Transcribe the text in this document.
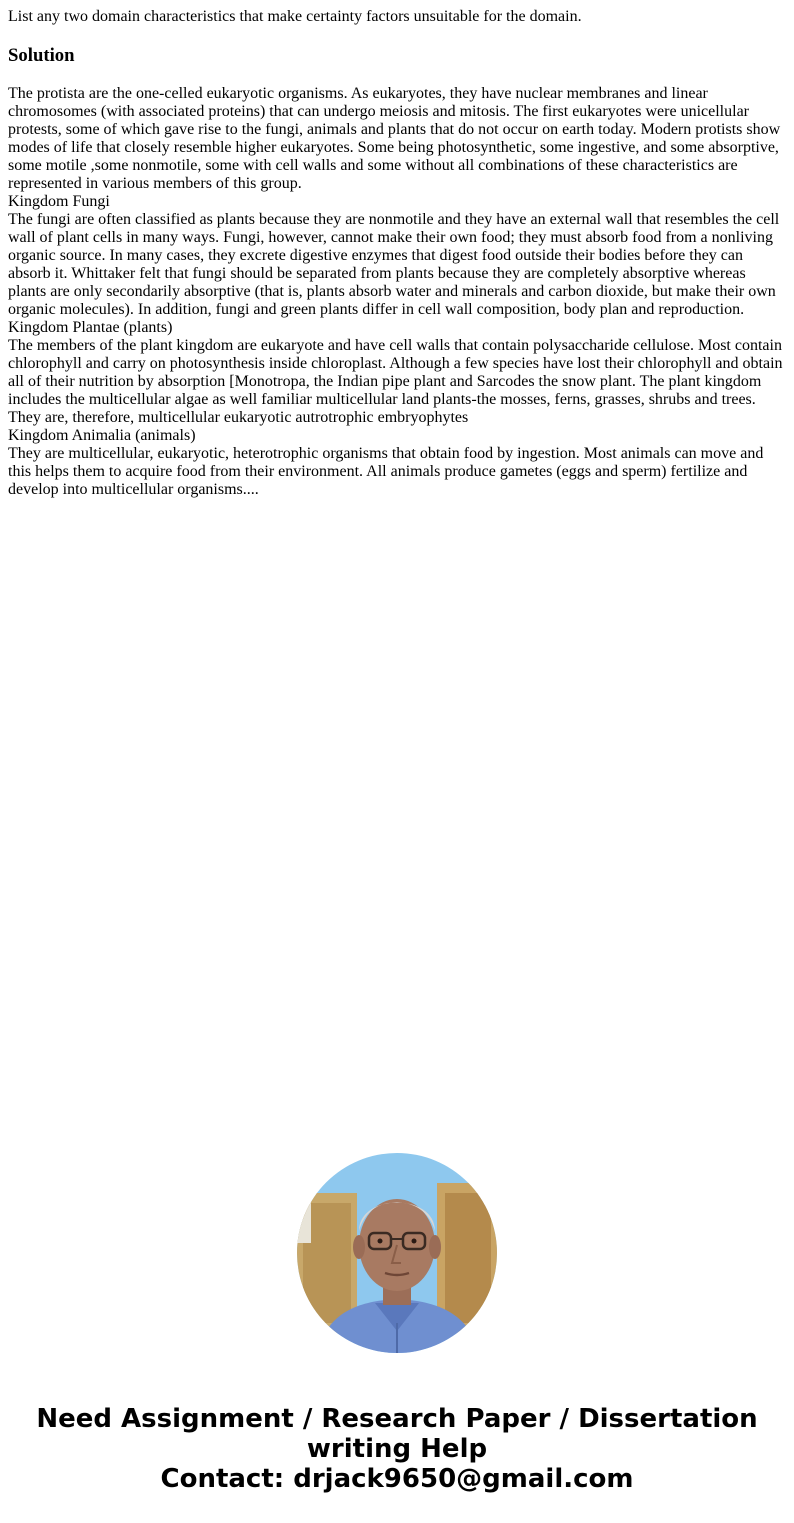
List any two domain characteristics that make certainty factors unsuitable for the domain.

Solution
The protista are the one-celled eukaryotic organisms. As eukaryotes, they have nuclear membranes and linear chromosomes (with associated proteins) that can undergo meiosis and mitosis. The first eukaryotes were unicellular protests, some of which gave rise to the fungi, animals and plants that do not occur on earth today. Modern protists show modes of life that closely resemble higher eukaryotes. Some being photosynthetic, some ingestive, and some absorptive, some motile ,some nonmotile, some with cell walls and some without all combinations of these characteristics are represented in various members of this group.
Kingdom Fungi
The fungi are often classified as plants because they are nonmotile and they have an external wall that resembles the cell wall of plant cells in many ways. Fungi, however, cannot make their own food; they must absorb food from a nonliving organic source. In many cases, they excrete digestive enzymes that digest food outside their bodies before they can absorb it. Whittaker felt that fungi should be separated from plants because they are completely absorptive whereas plants are only secondarily absorptive (that is, plants absorb water and minerals and carbon dioxide, but make their own organic molecules). In addition, fungi and green plants differ in cell wall composition, body plan and reproduction.
Kingdom Plantae (plants)
The members of the plant kingdom are eukaryote and have cell walls that contain polysaccharide cellulose. Most contain chlorophyll and carry on photosynthesis inside chloroplast. Although a few species have lost their chlorophyll and obtain all of their nutrition by absorption [Monotropa, the Indian pipe plant and Sarcodes the snow plant. The plant kingdom includes the multicellular algae as well familiar multicellular land plants-the mosses, ferns, grasses, shrubs and trees. They are, therefore, multicellular eukaryotic autrotrophic embryophytes
Kingdom Animalia (animals)
They are multicellular, eukaryotic, heterotrophic organisms that obtain food by ingestion. Most animals can move and this helps them to acquire food from their environment. All animals produce gametes (eggs and sperm) fertilize and develop into multicellular organisms....
Need Assignment / Research Paper / Dissertation
writing Help
Contact: drjack9650@gmail.com
